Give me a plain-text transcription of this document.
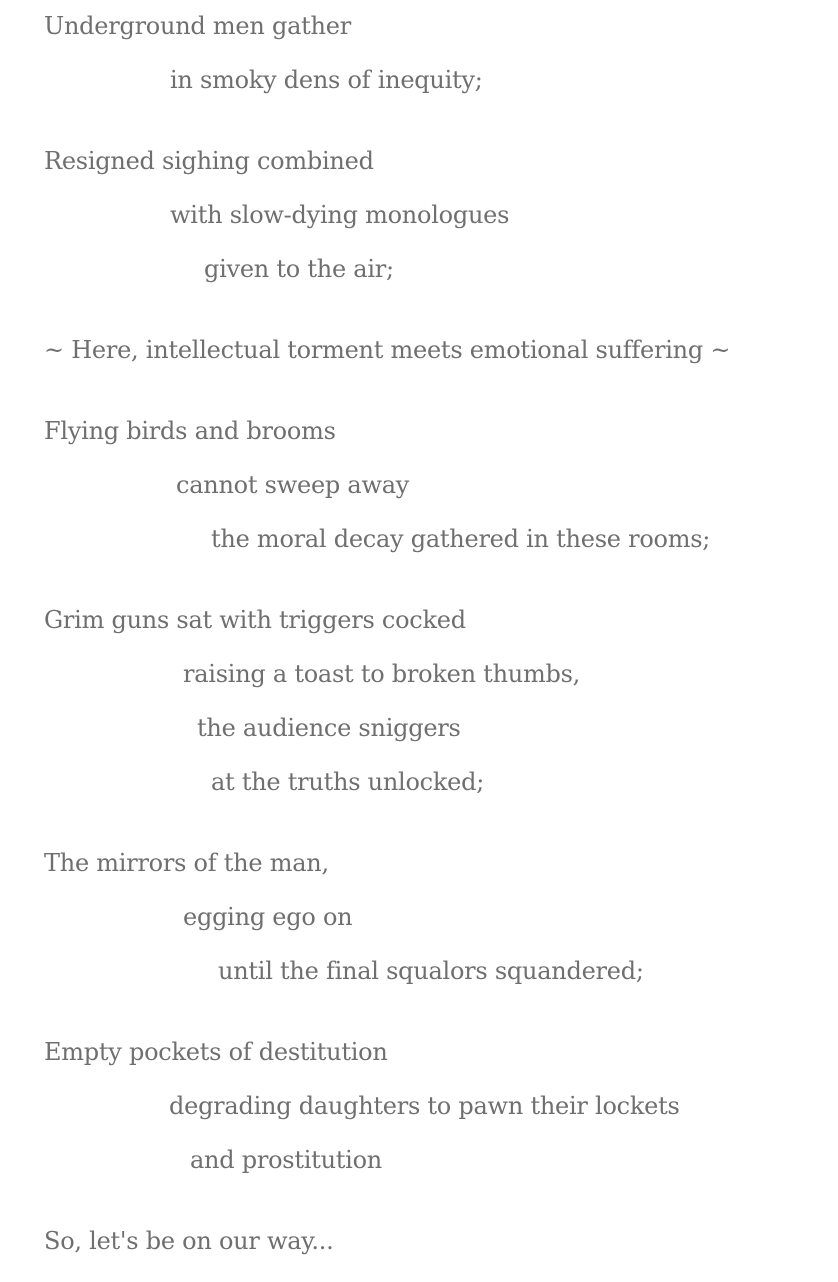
Underground men gather

in smoky dens of inequity;

Resigned sighing combined

with slow-dying monologues

given to the air;

~ Here, intellectual torment meets emotional suffering ~

Flying birds and brooms

cannot sweep away

the moral decay gathered in these rooms;

Grim guns sat with triggers cocked

raising a toast to broken thumbs,

the audience sniggers

at the truths unlocked;

The mirrors of the man,

egging ego on

until the final squalors squandered;

Empty pockets of destitution

degrading daughters to pawn their lockets

and prostitution

So, let's be on our way...
